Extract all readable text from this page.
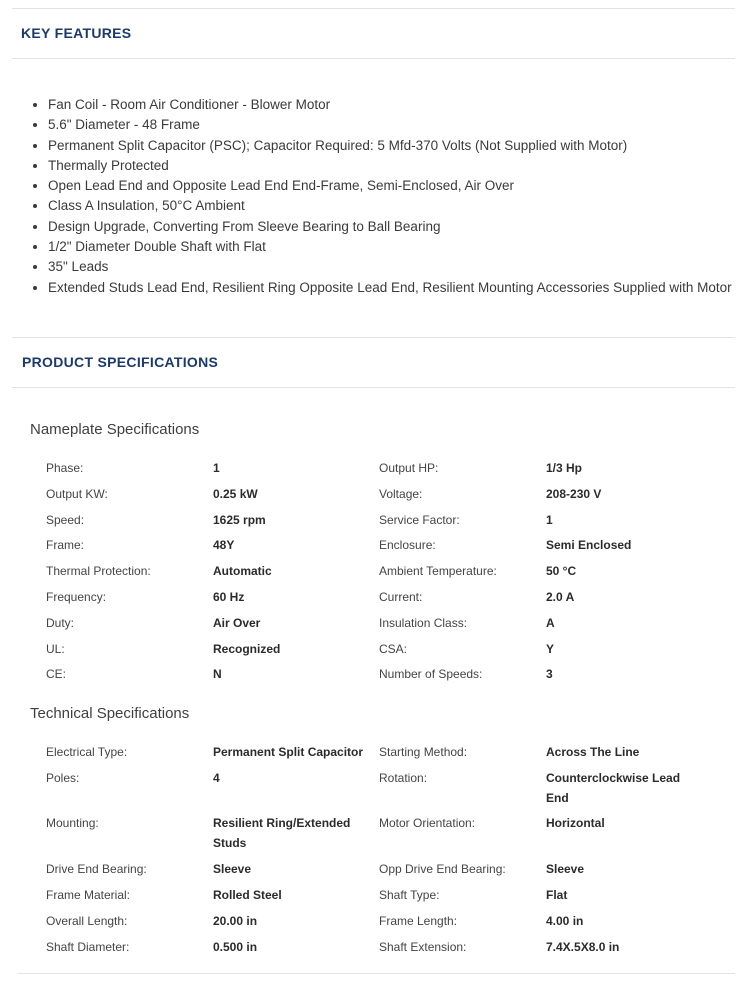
KEY FEATURES
• Fan Coil - Room Air Conditioner - Blower Motor
• 5.6" Diameter - 48 Frame
• Permanent Split Capacitor (PSC); Capacitor Required: 5 Mfd-370 Volts (Not Supplied with Motor)
• Thermally Protected
• Open Lead End and Opposite Lead End End-Frame, Semi-Enclosed, Air Over
• Class A Insulation, 50°C Ambient
• Design Upgrade, Converting From Sleeve Bearing to Ball Bearing
• 1/2" Diameter Double Shaft with Flat
• 35" Leads
• Extended Studs Lead End, Resilient Ring Opposite Lead End, Resilient Mounting Accessories Supplied with Motor
PRODUCT SPECIFICATIONS
Nameplate Specifications
Phase:	1	Output HP:	1/3 Hp
Output KW:	0.25 kW	Voltage:	208-230 V
Speed:	1625 rpm	Service Factor:	1
Frame:	48Y	Enclosure:	Semi Enclosed
Thermal Protection:	Automatic	Ambient Temperature:	50 °C
Frequency:	60 Hz	Current:	2.0 A
Duty:	Air Over	Insulation Class:	A
UL:	Recognized	CSA:	Y
CE:	N	Number of Speeds:	3
Technical Specifications
Electrical Type:	Permanent Split Capacitor	Starting Method:	Across The Line
Poles:	4	Rotation:	Counterclockwise Lead End
Mounting:	Resilient Ring/Extended Studs	Motor Orientation:	Horizontal
Drive End Bearing:	Sleeve	Opp Drive End Bearing:	Sleeve
Frame Material:	Rolled Steel	Shaft Type:	Flat
Overall Length:	20.00 in	Frame Length:	4.00 in
Shaft Diameter:	0.500 in	Shaft Extension:	7.4X.5X8.0 in
